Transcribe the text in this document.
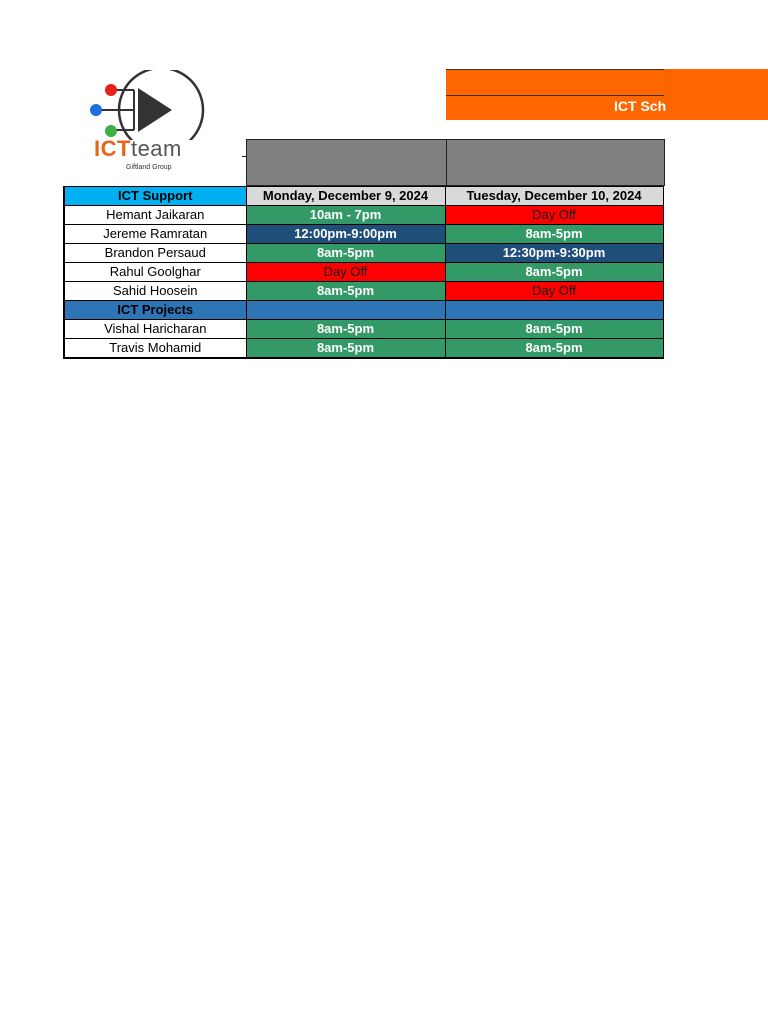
ICTteam
Giftland Group
ICT Sch
ICT Support	Monday, December 9, 2024	Tuesday, December 10, 2024
Hemant Jaikaran	10am - 7pm	Day Off
Jereme Ramratan	12:00pm-9:00pm	8am-5pm
Brandon Persaud	8am-5pm	12:30pm-9:30pm
Rahul Goolghar	Day Off	8am-5pm
Sahid Hoosein	8am-5pm	Day Off
ICT Projects		
Vishal Haricharan	8am-5pm	8am-5pm
Travis Mohamid	8am-5pm	8am-5pm
